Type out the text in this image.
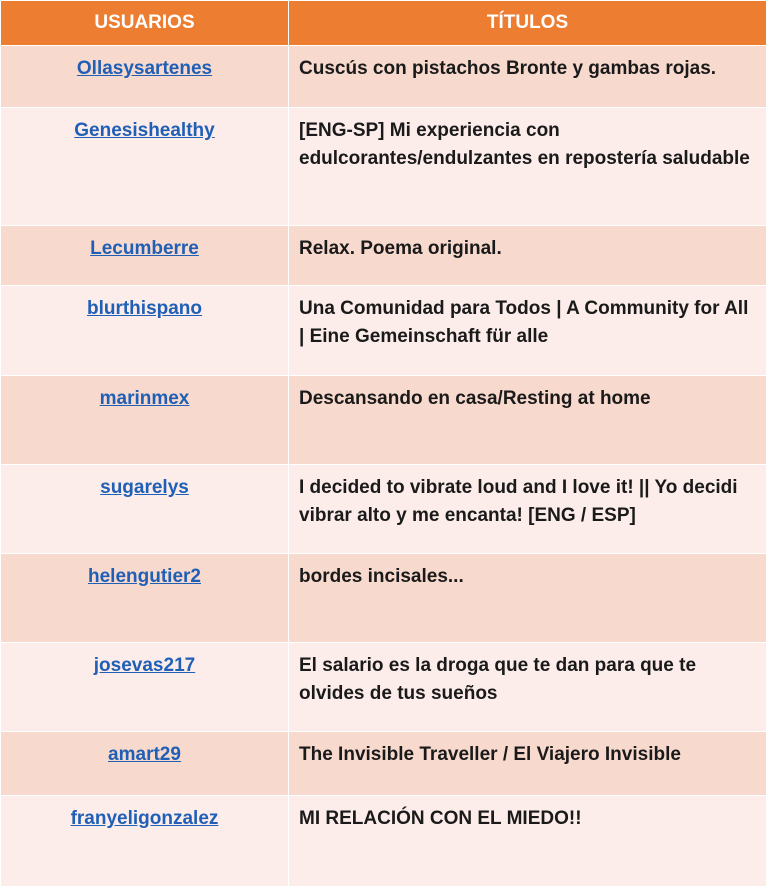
USUARIOS	TÍTULOS
Ollasysartenes	Cuscús con pistachos Bronte y gambas rojas.
Genesishealthy	[ENG-SP] Mi experiencia con edulcorantes/endulzantes en repostería saludable
Lecumberre	Relax. Poema original.
blurthispano	Una Comunidad para Todos | A Community for All | Eine Gemeinschaft für alle
marinmex	Descansando en casa/Resting at home
sugarelys	I decided to vibrate loud and I love it! || Yo decidi vibrar alto y me encanta! [ENG / ESP]
helengutier2	bordes incisales...
josevas217	El salario es la droga que te dan para que te olvides de tus sueños
amart29	The Invisible Traveller / El Viajero Invisible
franyeligonzalez	MI RELACIÓN CON EL MIEDO!!
